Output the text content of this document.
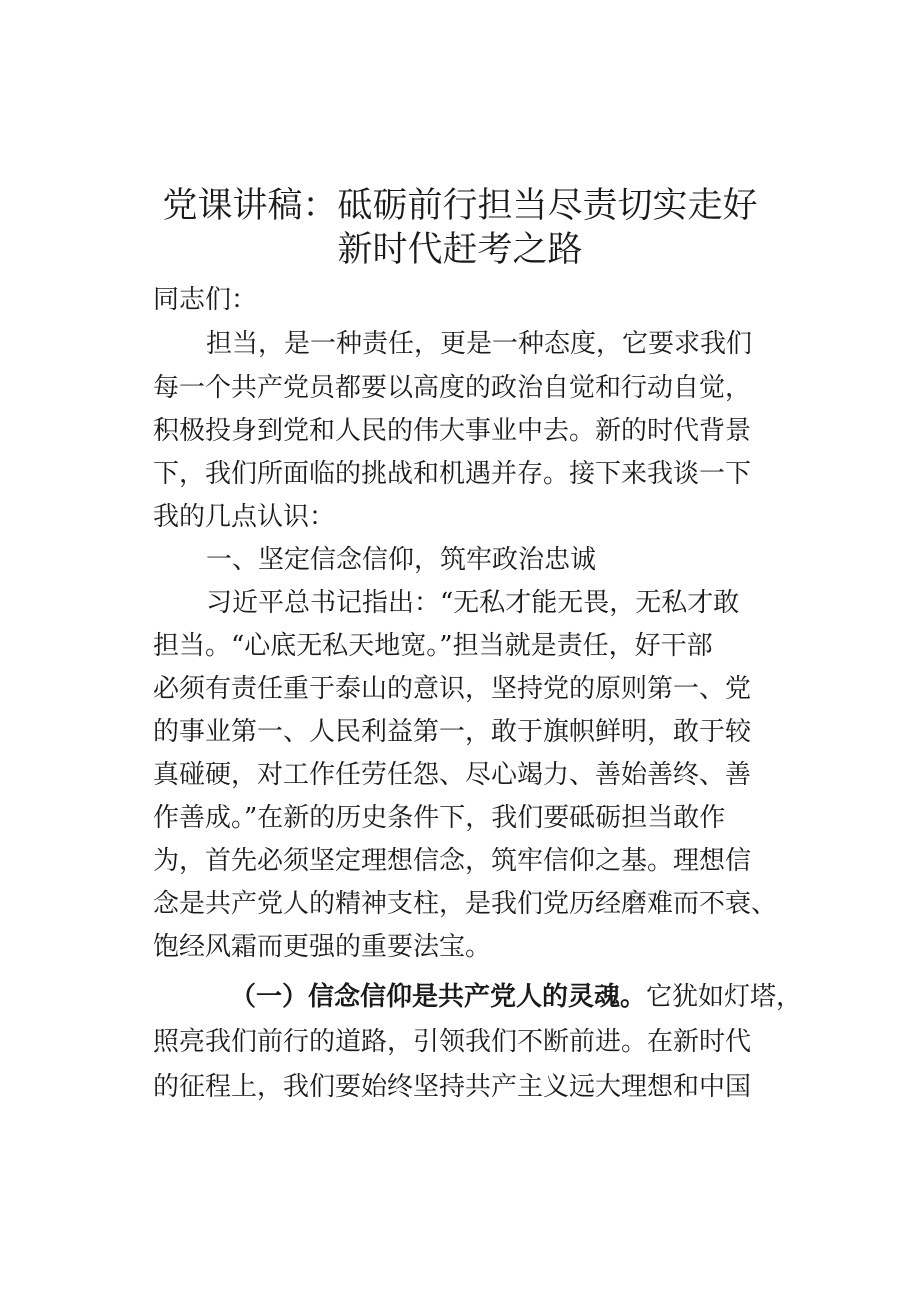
党课讲稿：砥砺前行担当尽责切实走好
新时代赶考之路
同志们：
担当，是一种责任，更是一种态度，它要求我们
每一个共产党员都要以高度的政治自觉和行动自觉，
积极投身到党和人民的伟大事业中去。新的时代背景
下，我们所面临的挑战和机遇并存。接下来我谈一下
我的几点认识：
一、坚定信念信仰，筑牢政治忠诚
习近平总书记指出：“无私才能无畏，无私才敢
担当。“心底无私天地宽。”担当就是责任，好干部
必须有责任重于泰山的意识，坚持党的原则第一、党
的事业第一、人民利益第一，敢于旗帜鲜明，敢于较
真碰硬，对工作任劳任怨、尽心竭力、善始善终、善
作善成。”在新的历史条件下，我们要砥砺担当敢作
为，首先必须坚定理想信念，筑牢信仰之基。理想信
念是共产党人的精神支柱，是我们党历经磨难而不衰、
饱经风霜而更强的重要法宝。
（一）信念信仰是共产党人的灵魂。它犹如灯塔，
照亮我们前行的道路，引领我们不断前进。在新时代
的征程上，我们要始终坚持共产主义远大理想和中国
